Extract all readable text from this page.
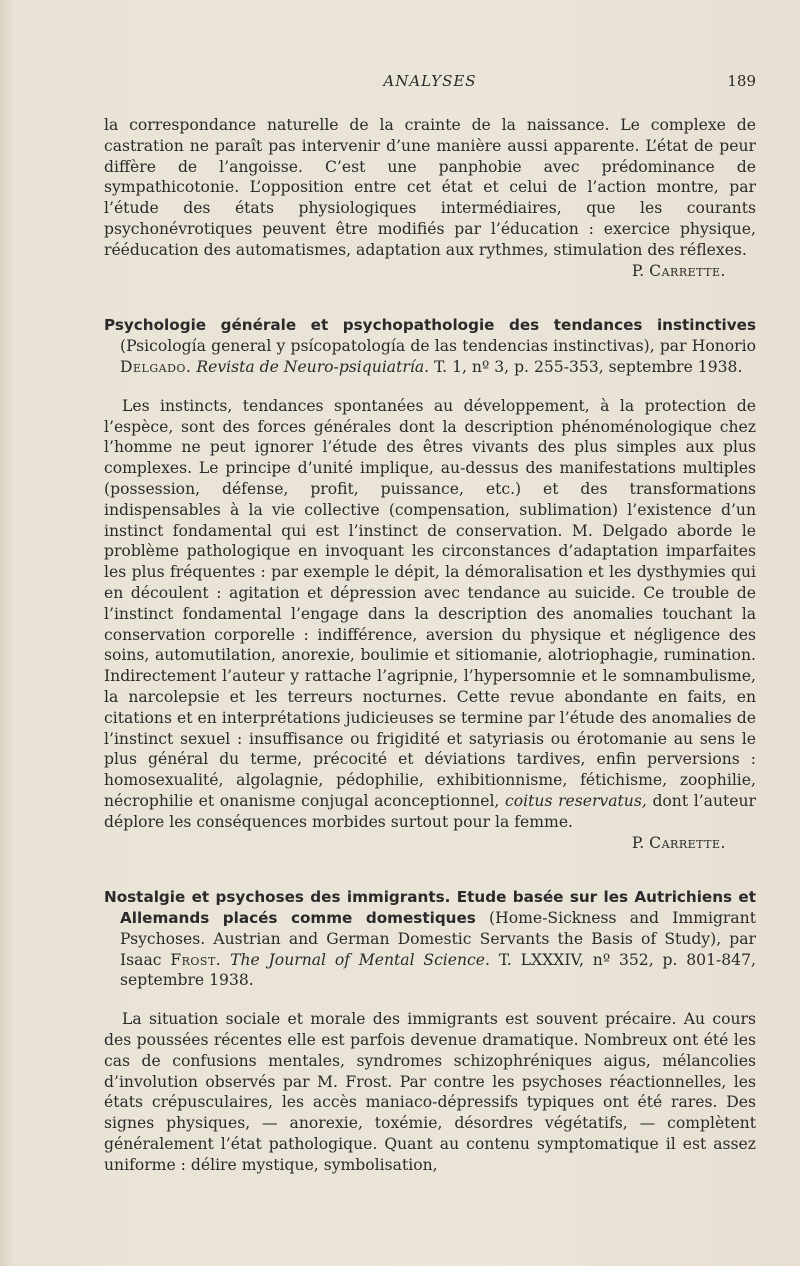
ANALYSES	189

la correspondance naturelle de la crainte de la naissance. Le complexe de castration ne paraît pas intervenir d’une manière aussi apparente. L’état de peur diffère de l’angoisse. C’est une panphobie avec prédominance de sympathicotonie. L’opposition entre cet état et celui de l’action montre, par l’étude des états physiologiques intermédiaires, que les courants psychonévrotiques peuvent être modifiés par l’éducation : exercice physique, rééducation des automatismes, adaptation aux rythmes, stimulation des réflexes.

P. Carrette.

Psychologie générale et psychopathologie des tendances instinctives (Psicología general y psícopatología de las tendencias instinctivas), par Honorio Delgado. Revista de Neuro-psiquiatría. T. 1, nº 3, p. 255-353, septembre 1938.

Les instincts, tendances spontanées au développement, à la protection de l’espèce, sont des forces générales dont la description phénoménologique chez l’homme ne peut ignorer l’étude des êtres vivants des plus simples aux plus complexes. Le principe d’unité implique, au-dessus des manifestations multiples (possession, défense, profit, puissance, etc.) et des transformations indispensables à la vie collective (compensation, sublimation) l’existence d’un instinct fondamental qui est l’instinct de conservation. M. Delgado aborde le problème pathologique en invoquant les circonstances d’adaptation imparfaites les plus fréquentes : par exemple le dépit, la démoralisation et les dysthymies qui en découlent : agitation et dépression avec tendance au suicide. Ce trouble de l’instinct fondamental l’engage dans la description des anomalies touchant la conservation corporelle : indifférence, aversion du physique et négligence des soins, automutilation, anorexie, boulimie et sitiomanie, alotriophagie, rumination. Indirectement l’auteur y rattache l’agripnie, l’hypersomnie et le somnambulisme, la narcolepsie et les terreurs nocturnes. Cette revue abondante en faits, en citations et en interprétations judicieuses se termine par l’étude des anomalies de l’instinct sexuel : insuffisance ou frigidité et satyriasis ou érotomanie au sens le plus général du terme, précocité et déviations tardives, enfin perversions : homosexualité, algolagnie, pédophilie, exhibitionnisme, fétichisme, zoophilie, nécrophilie et onanisme conjugal aconceptionnel, coitus reservatus, dont l’auteur déplore les conséquences morbides surtout pour la femme.

P. Carrette.

Nostalgie et psychoses des immigrants. Etude basée sur les Autrichiens et Allemands placés comme domestiques (Home-Sickness and Immigrant Psychoses. Austrian and German Domestic Servants the Basis of Study), par Isaac Frost. The Journal of Mental Science. T. LXXXIV, nº 352, p. 801-847, septembre 1938.

La situation sociale et morale des immigrants est souvent précaire. Au cours des poussées récentes elle est parfois devenue dramatique. Nombreux ont été les cas de confusions mentales, syndromes schizophréniques aigus, mélancolies d’involution observés par M. Frost. Par contre les psychoses réactionnelles, les états crépusculaires, les accès maniaco-dépressifs typiques ont été rares. Des signes physiques, — anorexie, toxémie, désordres végétatifs, — complètent généralement l’état pathologique. Quant au contenu symptomatique il est assez uniforme : délire mystique, symbolisation,
